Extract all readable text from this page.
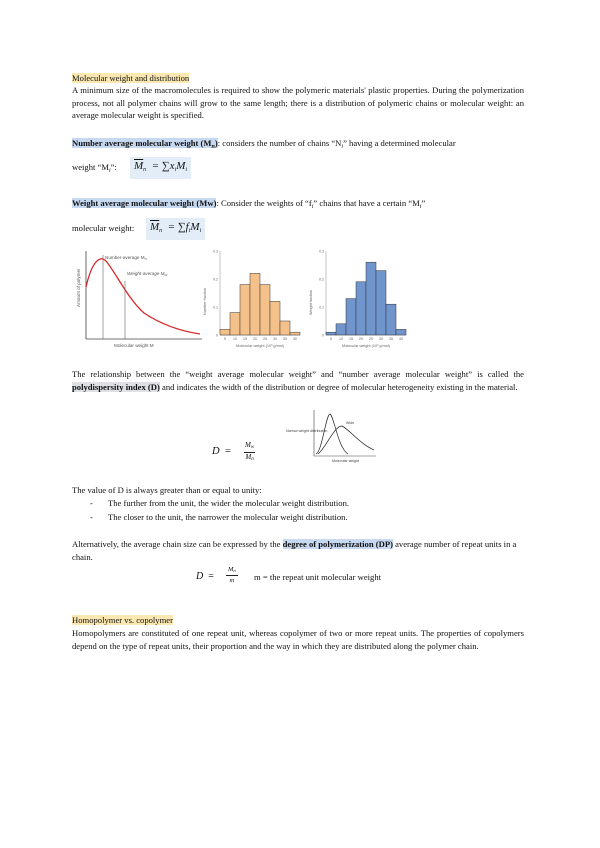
Molecular weight and distribution
A minimum size of the macromolecules is required to show the polymeric materials' plastic properties. During the polymerization process, not all polymer chains will grow to the same length; there is a distribution of polymeric chains or molecular weight: an average molecular weight is specified.
Number average molecular weight $(M_n)$: considers the number of chains “$N_i$” having a determined molecular
weight “$M_i$”:	$\overline{M}_n = \sum x_iM_i$
Weight average molecular weight (Mw): Consider the weights of “$f_i$” chains that have a certain “$M_i$”
molecular weight:	$\overline{M}_n = \sum f_iM_i$
Amount of polymer
Number-average $M_n$
Weight-average $M_w$
Molecular weight M
Number fraction
0
0.1
0.2
0.3
5 10 15 20 25 30 35 40
Molecular weight (10³ g/mol)
Weight fraction
0
0.1
0.2
0.3
5 10 15 20 25 30 35 40
Molecular weight (10³ g/mol)
The relationship between the “weight average molecular weight” and “number average molecular weight” is called the polydispersity index (D) and indicates the width of the distribution or degree of molecular heterogeneity existing in the material.
D =
Mw
Mn
Narrow weight distribution
Wide
Molecular weight
The value of D is always greater than or equal to unity:
- The further from the unit, the wider the molecular weight distribution.
- The closer to the unit, the narrower the molecular weight distribution.
Alternatively, the average chain size can be expressed by the degree of polymerization (DP) average number of repeat units in a chain.
D =
Mn
m	m = the repeat unit molecular weight
Homopolymer vs. copolymer
Homopolymers are constituted of one repeat unit, whereas copolymer of two or more repeat units. The properties of copolymers depend on the type of repeat units, their proportion and the way in which they are distributed along the polymer chain.
